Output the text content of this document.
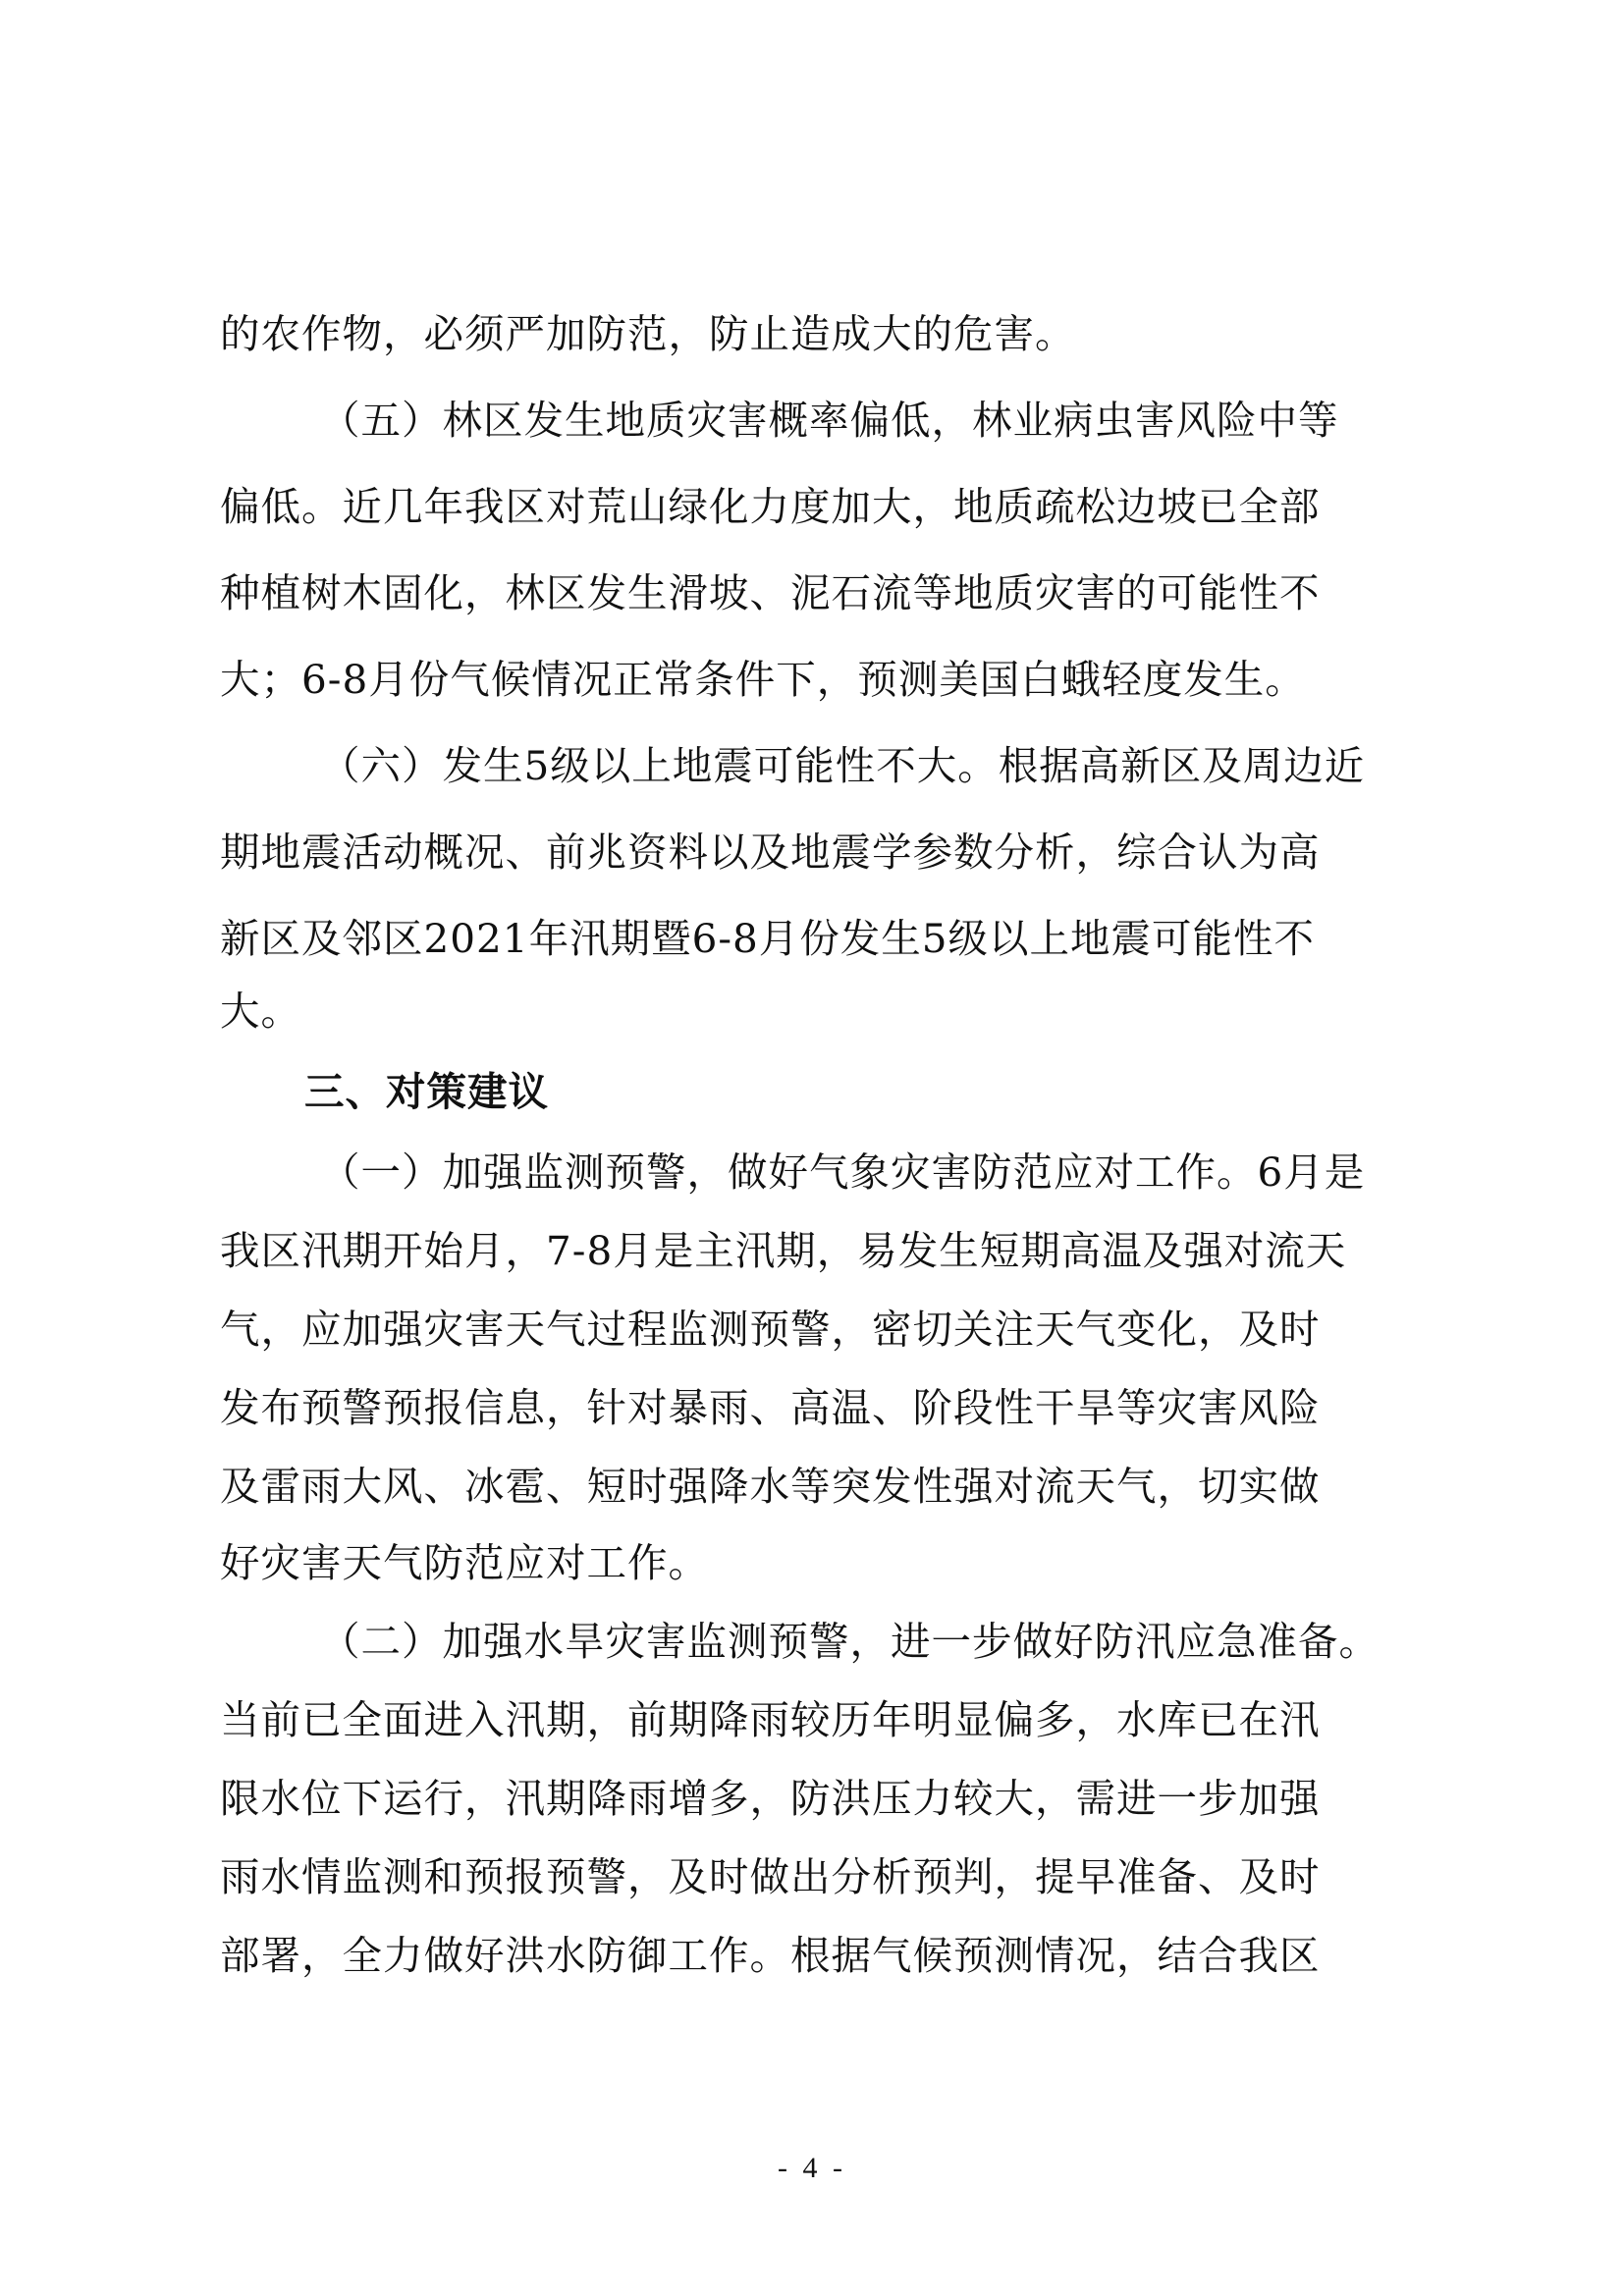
的农作物，必须严加防范，防止造成大的危害。
（五）林区发生地质灾害概率偏低，林业病虫害风险中等
偏低。近几年我区对荒山绿化力度加大，地质疏松边坡已全部
种植树木固化，林区发生滑坡、泥石流等地质灾害的可能性不
大；6-8月份气候情况正常条件下，预测美国白蛾轻度发生。
（六）发生5级以上地震可能性不大。根据高新区及周边近
期地震活动概况、前兆资料以及地震学参数分析，综合认为高
新区及邻区2021年汛期暨6-8月份发生5级以上地震可能性不
大。
三、对策建议
（一）加强监测预警，做好气象灾害防范应对工作。6月是
我区汛期开始月，7-8月是主汛期，易发生短期高温及强对流天
气，应加强灾害天气过程监测预警，密切关注天气变化，及时
发布预警预报信息，针对暴雨、高温、阶段性干旱等灾害风险
及雷雨大风、冰雹、短时强降水等突发性强对流天气，切实做
好灾害天气防范应对工作。
（二）加强水旱灾害监测预警，进一步做好防汛应急准备。
当前已全面进入汛期，前期降雨较历年明显偏多，水库已在汛
限水位下运行，汛期降雨增多，防洪压力较大，需进一步加强
雨水情监测和预报预警，及时做出分析预判，提早准备、及时
部署，全力做好洪水防御工作。根据气候预测情况，结合我区
- 4 -
